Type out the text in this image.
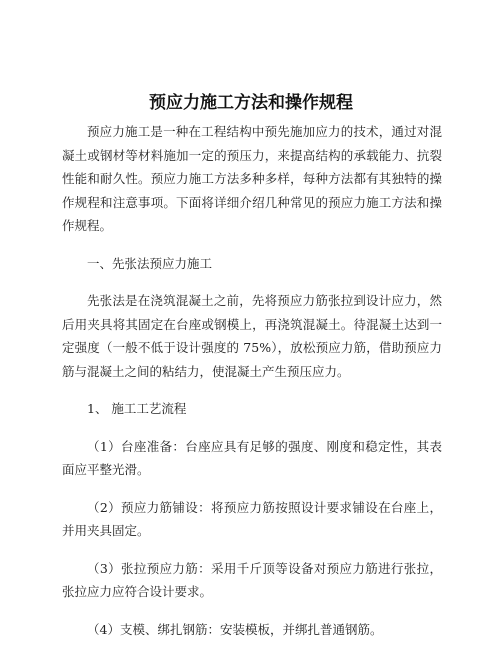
预应力施工方法和操作规程

预应力施工是一种在工程结构中预先施加应力的技术，通过对混凝土或钢材等材料施加一定的预压力，来提高结构的承载能力、抗裂性能和耐久性。预应力施工方法多种多样，每种方法都有其独特的操作规程和注意事项。下面将详细介绍几种常见的预应力施工方法和操作规程。

一、先张法预应力施工

先张法是在浇筑混凝土之前，先将预应力筋张拉到设计应力，然后用夹具将其固定在台座或钢模上，再浇筑混凝土。待混凝土达到一定强度（一般不低于设计强度的 75%），放松预应力筋，借助预应力筋与混凝土之间的粘结力，使混凝土产生预压应力。

1、 施工工艺流程

（1）台座准备：台座应具有足够的强度、刚度和稳定性，其表面应平整光滑。

（2）预应力筋铺设：将预应力筋按照设计要求铺设在台座上，并用夹具固定。

（3）张拉预应力筋：采用千斤顶等设备对预应力筋进行张拉，张拉应力应符合设计要求。

（4）支模、绑扎钢筋：安装模板，并绑扎普通钢筋。
